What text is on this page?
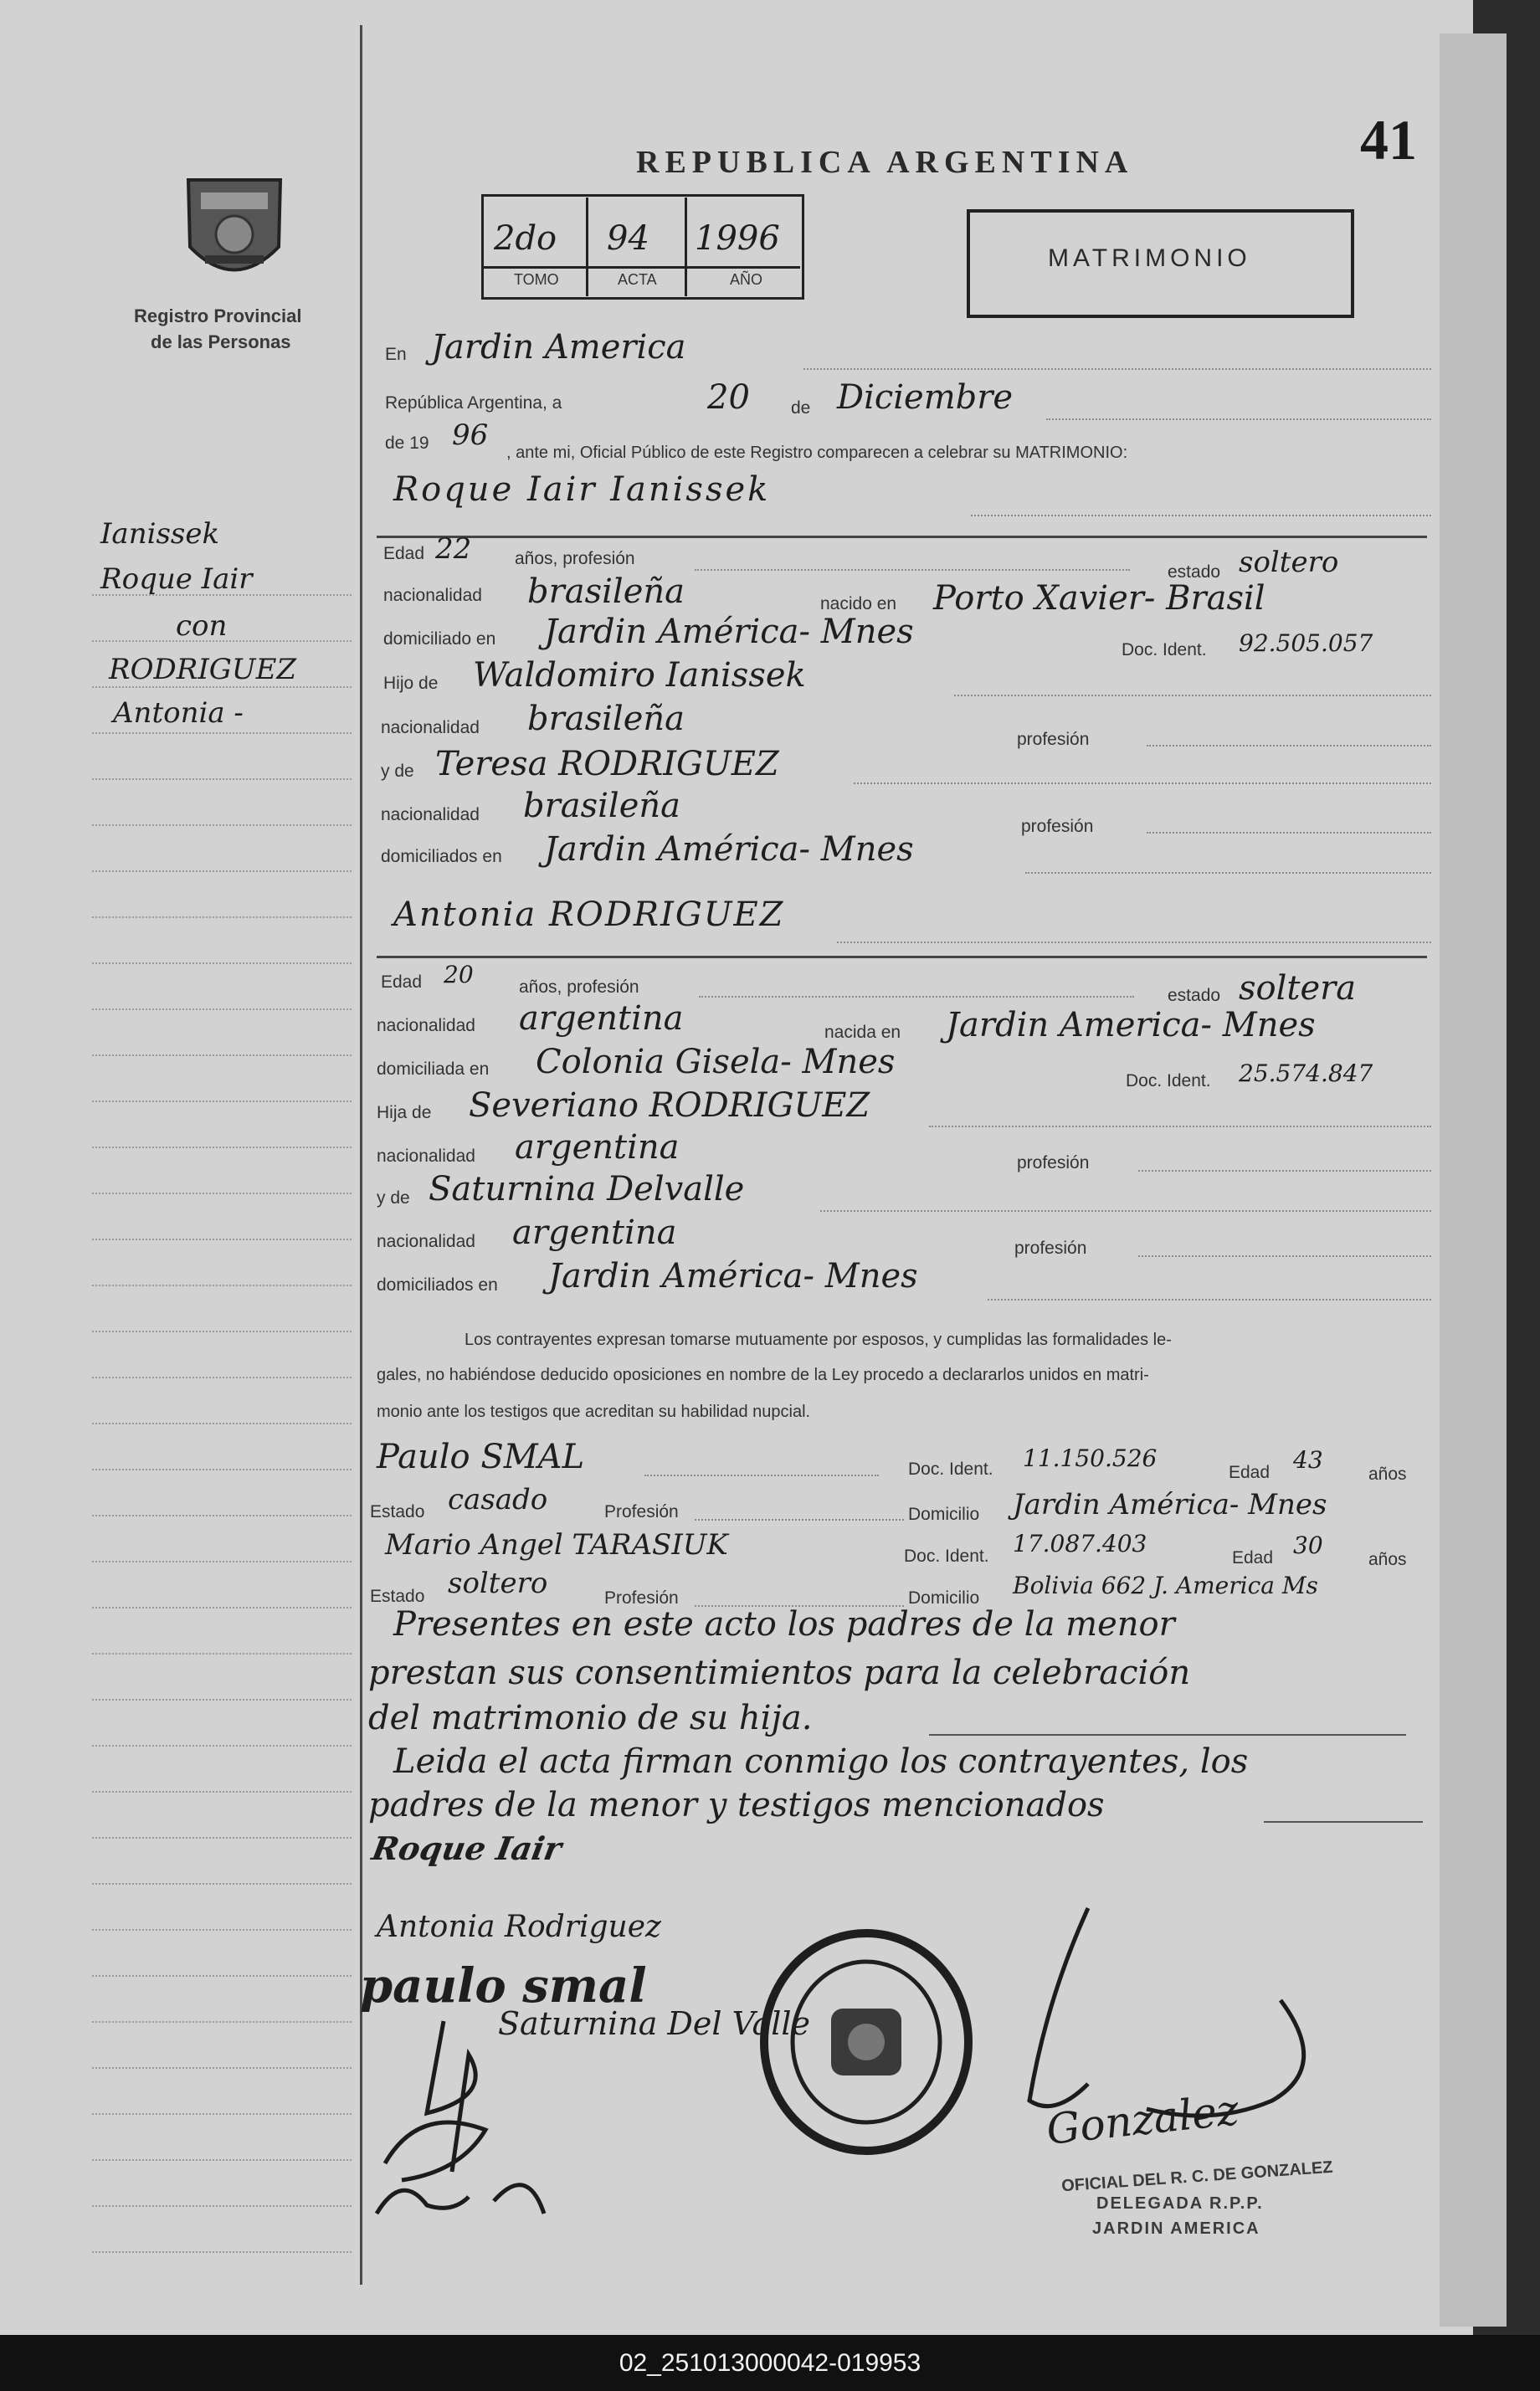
REPUBLICA ARGENTINA	41
Registro Provincial
de las Personas
2do 94 1996
TOMO	ACTA	AÑO
MATRIMONIO
Ianissek
Roque Iair
con
RODRIGUEZ
Antonia -
En Jardin America
República Argentina, a	20 de Diciembre
de 19 96
, ante mi, Oficial Público de este Registro comparecen a celebrar su MATRIMONIO:
Roque Iair Ianissek
Edad 22 años, profesión
estado soltero
nacionalidad brasileña	nacido en Porto Xavier- Brasil
domiciliado en Jardin América- Mnes	Doc. Ident. 92.505.057
Hijo de Waldomiro Ianissek
nacionalidad brasileña
profesión
y de Teresa RODRIGUEZ
nacionalidad brasileña
profesión
domiciliados en Jardin América- Mnes
Antonia RODRIGUEZ
Edad 20	años, profesión	estado soltera
nacionalidad argentina	nacida en Jardin America- Mnes
domiciliada en Colonia Gisela- Mnes	Doc. Ident. 25.574.847
Hija de Severiano RODRIGUEZ
nacionalidad argentina	profesión
y de Saturnina Delvalle
nacionalidad argentina	profesión
domiciliados en Jardin América- Mnes
Los contrayentes expresan tomarse mutuamente por esposos, y cumplidas las formalidades le-
gales, no habiéndose deducido oposiciones en nombre de la Ley procedo a declararlos unidos en matri-
monio ante los testigos que acreditan su habilidad nupcial.
Paulo SMAL	Doc. Ident. 11.150.526
Edad 43
años
Estado casado	Profesión	Domicilio Jardin América- Mnes
Mario Angel TARASIUK	Doc. Ident. 17.087.403
Edad 30
años
Estado soltero	Profesión	Domicilio Bolivia 662 J. America Ms
Presentes en este acto los padres de la menor
prestan sus consentimientos para la celebración
del matrimonio de su hija.
Leida el acta firman conmigo los contrayentes, los
padres de la menor y testigos mencionados
Roque Iair
Antonia Rodriguez
paulo smal
Saturnina Del Valle
Gonzalez
OFICIAL DEL R. C. DE GONZALEZ
DELEGADA R.P.P.
JARDIN AMERICA
02_251013000042-019953
